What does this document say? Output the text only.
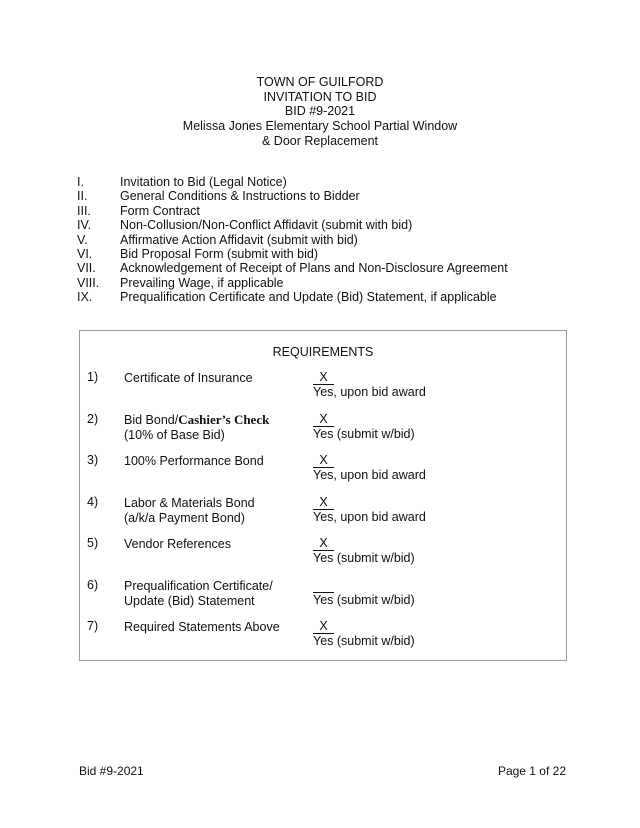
TOWN OF GUILFORD
INVITATION TO BID
BID #9-2021
Melissa Jones Elementary School Partial Window
& Door Replacement
I.	Invitation to Bid (Legal Notice)
II.	General Conditions & Instructions to Bidder
III. Form Contract
IV. Non-Collusion/Non-Conflict Affidavit (submit with bid)
V.	Affirmative Action Affidavit (submit with bid)
VI. Bid Proposal Form (submit with bid)
VII. Acknowledgement of Receipt of Plans and Non-Disclosure Agreement
VIII. Prevailing Wage, if applicable
IX. Prequalification Certificate and Update (Bid) Statement, if applicable
REQUIREMENTS
1) Certificate of Insurance	X
Yes, upon bid award
2) Bid Bond/Cashier’s Check
(10% of Base Bid)
X
Yes (submit w/bid)
3) 100% Performance Bond	X
Yes, upon bid award
4) Labor & Materials Bond
(a/k/a Payment Bond)
X
Yes, upon bid award
5) Vendor References	X
Yes (submit w/bid)
6) Prequalification Certificate/
Update (Bid) Statement	Yes (submit w/bid)
7) Required Statements Above	X
Yes (submit w/bid)
Bid #9-2021	Page 1 of 22
